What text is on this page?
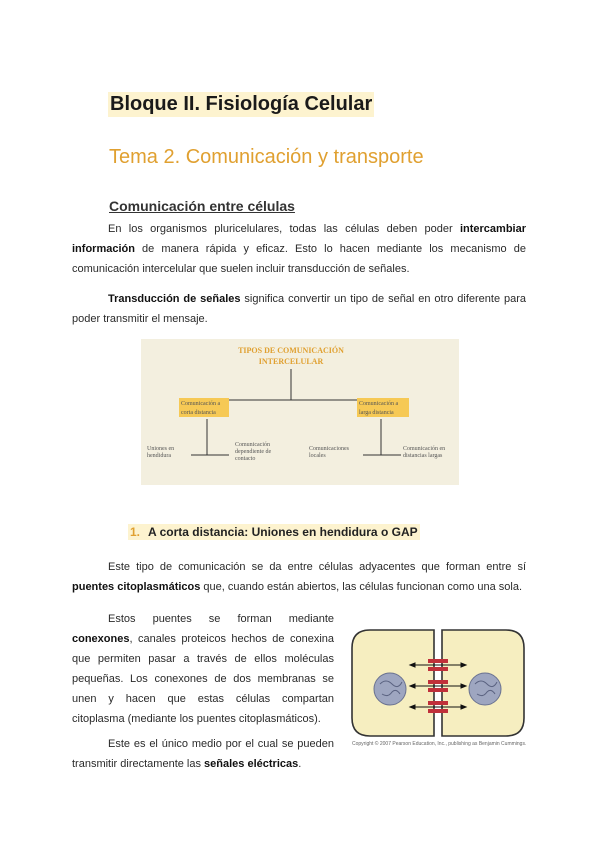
Bloque II. Fisiología Celular
Tema 2. Comunicación y transporte
Comunicación entre células

En los organismos pluricelulares, todas las células deben poder intercambiar información de manera rápida y eficaz. Esto lo hacen mediante los mecanismo de comunicación intercelular que suelen incluir transducción de señales.

Transducción de señales significa convertir un tipo de señal en otro diferente para poder transmitir el mensaje.

TIPOS DE COMUNICACIÓN
INTERCELULAR
Comunicación a
corta distancia
Comunicación a
larga distancia
Uniones en
hendidura
Comunicación
dependiente de
contacto
Comunicaciones
locales
Comunicación en
distancias largas
1. A corta distancia: Uniones en hendidura o GAP

Este tipo de comunicación se da entre células adyacentes que forman entre sí puentes citoplasmáticos que, cuando están abiertos, las células funcionan como una sola.

Estos puentes se forman mediante conexones, canales proteicos hechos de conexina que permiten pasar a través de ellos moléculas pequeñas. Los conexones de dos membranas se unen y hacen que estas células compartan citoplasma (mediante los puentes citoplasmáticos).

Este es el único medio por el cual se pueden transmitir directamente las señales eléctricas.

Copyright © 2007 Pearson Education, Inc., publishing as Benjamin Cummings.
